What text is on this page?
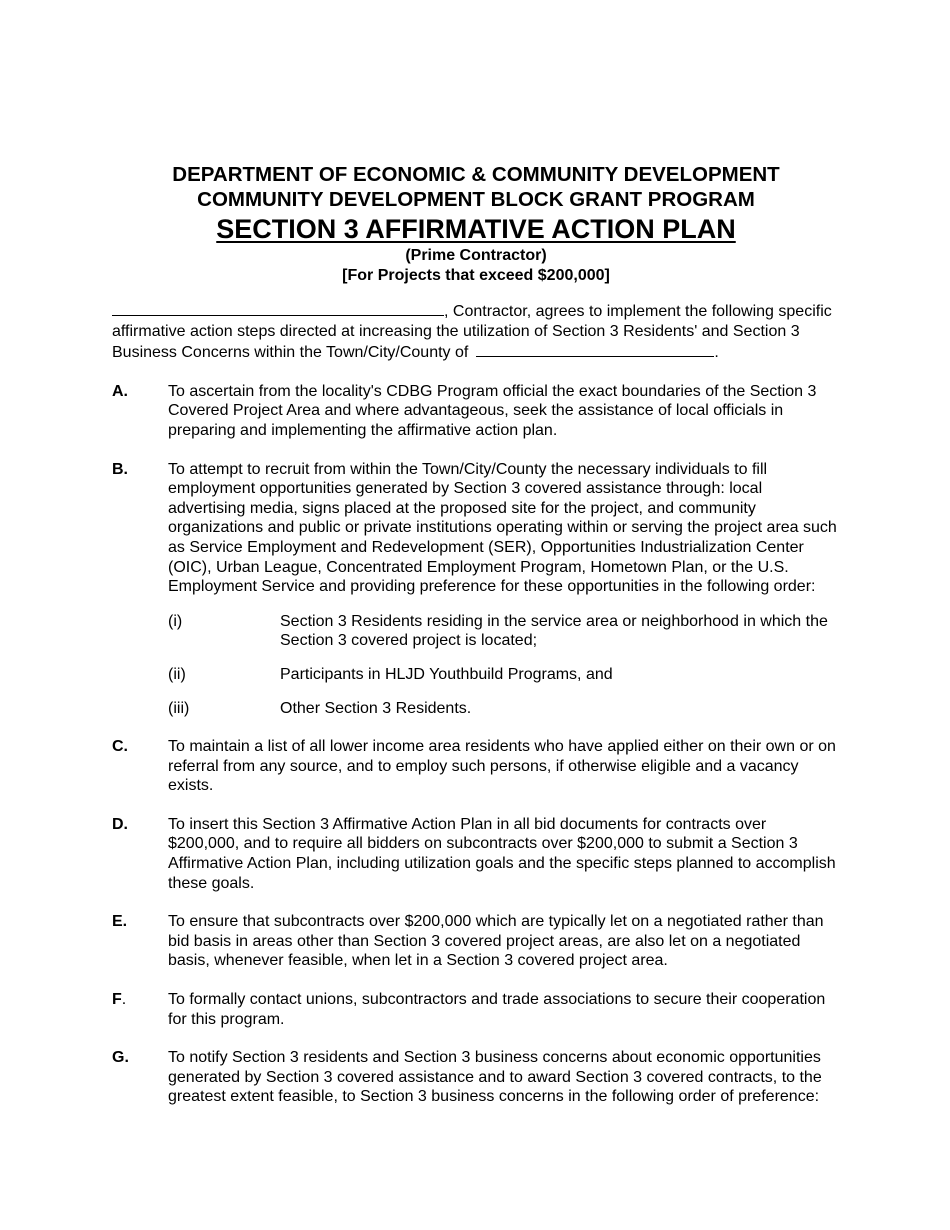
DEPARTMENT OF ECONOMIC & COMMUNITY DEVELOPMENT
COMMUNITY DEVELOPMENT BLOCK GRANT PROGRAM
SECTION 3 AFFIRMATIVE ACTION PLAN
(Prime Contractor)
[For Projects that exceed $200,000]
, Contractor, agrees to implement the following specific affirmative action steps directed at increasing the utilization of Section 3 Residents' and Section 3 Business Concerns within the Town/City/County of	.
A.	To ascertain from the locality's CDBG Program official the exact boundaries of the Section 3 Covered Project Area and where advantageous, seek the assistance of local officials in preparing and implementing the affirmative action plan.
B.	To attempt to recruit from within the Town/City/County the necessary individuals to fill employment opportunities generated by Section 3 covered assistance through: local advertising media, signs placed at the proposed site for the project, and community organizations and public or private institutions operating within or serving the project area such as Service Employment and Redevelopment (SER), Opportunities Industrialization Center (OIC), Urban League, Concentrated Employment Program, Hometown Plan, or the U.S. Employment Service and providing preference for these opportunities in the following order:
(i)	Section 3 Residents residing in the service area or neighborhood in which the Section 3 covered project is located;
(ii)	Participants in HLJD Youthbuild Programs, and
(iii)	Other Section 3 Residents.
C.	To maintain a list of all lower income area residents who have applied either on their own or on referral from any source, and to employ such persons, if otherwise eligible and a vacancy exists.
D.	To insert this Section 3 Affirmative Action Plan in all bid documents for contracts over $200,000, and to require all bidders on subcontracts over $200,000 to submit a Section 3 Affirmative Action Plan, including utilization goals and the specific steps planned to accomplish these goals.
E.	To ensure that subcontracts over $200,000 which are typically let on a negotiated rather than bid basis in areas other than Section 3 covered project areas, are also let on a negotiated basis, whenever feasible, when let in a Section 3 covered project area.
F.	To formally contact unions, subcontractors and trade associations to secure their cooperation for this program.
G.	To notify Section 3 residents and Section 3 business concerns about economic opportunities generated by Section 3 covered assistance and to award Section 3 covered contracts, to the greatest extent feasible, to Section 3 business concerns in the following order of preference:
